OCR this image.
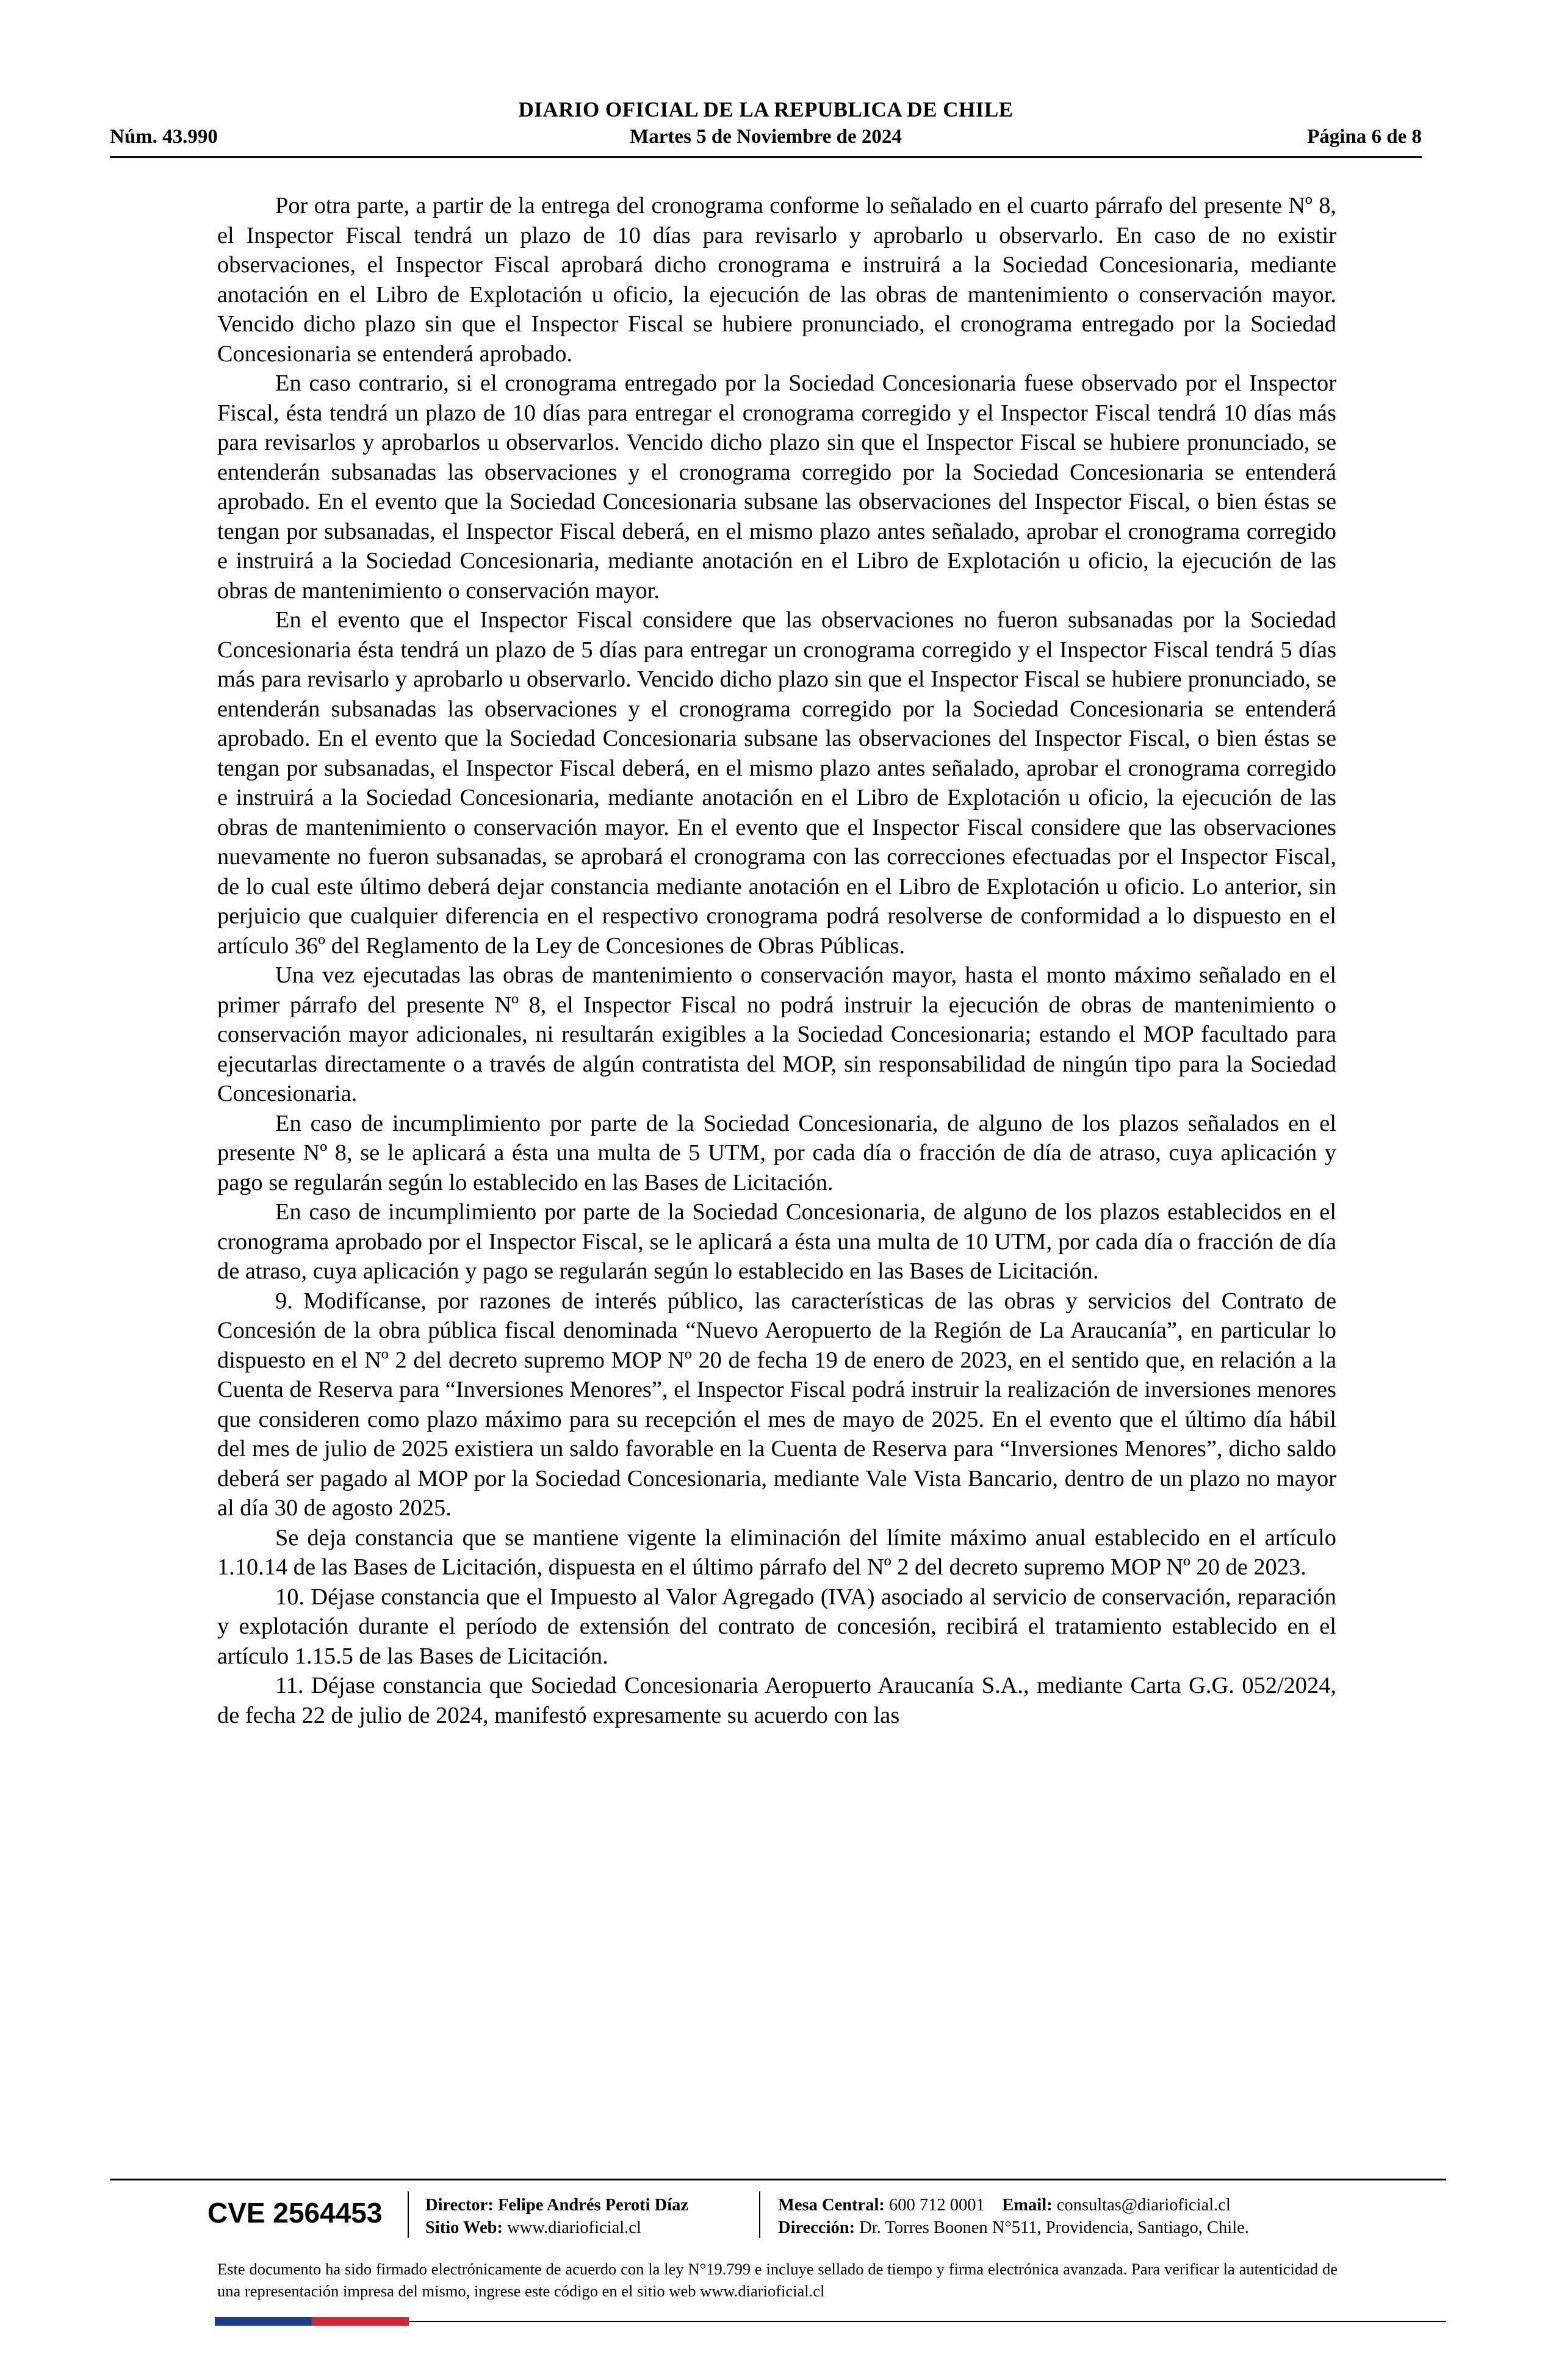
Núm. 43.990
DIARIO OFICIAL DE LA REPUBLICA DE CHILE
Martes 5 de Noviembre de 2024	Página 6 de 8

Por otra parte, a partir de la entrega del cronograma conforme lo señalado en el cuarto párrafo del presente Nº 8, el Inspector Fiscal tendrá un plazo de 10 días para revisarlo y aprobarlo u observarlo. En caso de no existir observaciones, el Inspector Fiscal aprobará dicho cronograma e instruirá a la Sociedad Concesionaria, mediante anotación en el Libro de Explotación u oficio, la ejecución de las obras de mantenimiento o conservación mayor. Vencido dicho plazo sin que el Inspector Fiscal se hubiere pronunciado, el cronograma entregado por la Sociedad Concesionaria se entenderá aprobado.

En caso contrario, si el cronograma entregado por la Sociedad Concesionaria fuese observado por el Inspector Fiscal, ésta tendrá un plazo de 10 días para entregar el cronograma corregido y el Inspector Fiscal tendrá 10 días más para revisarlos y aprobarlos u observarlos. Vencido dicho plazo sin que el Inspector Fiscal se hubiere pronunciado, se entenderán subsanadas las observaciones y el cronograma corregido por la Sociedad Concesionaria se entenderá aprobado. En el evento que la Sociedad Concesionaria subsane las observaciones del Inspector Fiscal, o bien éstas se tengan por subsanadas, el Inspector Fiscal deberá, en el mismo plazo antes señalado, aprobar el cronograma corregido e instruirá a la Sociedad Concesionaria, mediante anotación en el Libro de Explotación u oficio, la ejecución de las obras de mantenimiento o conservación mayor.

En el evento que el Inspector Fiscal considere que las observaciones no fueron subsanadas por la Sociedad Concesionaria ésta tendrá un plazo de 5 días para entregar un cronograma corregido y el Inspector Fiscal tendrá 5 días más para revisarlo y aprobarlo u observarlo. Vencido dicho plazo sin que el Inspector Fiscal se hubiere pronunciado, se entenderán subsanadas las observaciones y el cronograma corregido por la Sociedad Concesionaria se entenderá aprobado. En el evento que la Sociedad Concesionaria subsane las observaciones del Inspector Fiscal, o bien éstas se tengan por subsanadas, el Inspector Fiscal deberá, en el mismo plazo antes señalado, aprobar el cronograma corregido e instruirá a la Sociedad Concesionaria, mediante anotación en el Libro de Explotación u oficio, la ejecución de las obras de mantenimiento o conservación mayor. En el evento que el Inspector Fiscal considere que las observaciones nuevamente no fueron subsanadas, se aprobará el cronograma con las correcciones efectuadas por el Inspector Fiscal, de lo cual este último deberá dejar constancia mediante anotación en el Libro de Explotación u oficio. Lo anterior, sin perjuicio que cualquier diferencia en el respectivo cronograma podrá resolverse de conformidad a lo dispuesto en el artículo 36º del Reglamento de la Ley de Concesiones de Obras Públicas.

Una vez ejecutadas las obras de mantenimiento o conservación mayor, hasta el monto máximo señalado en el primer párrafo del presente Nº 8, el Inspector Fiscal no podrá instruir la ejecución de obras de mantenimiento o conservación mayor adicionales, ni resultarán exigibles a la Sociedad Concesionaria; estando el MOP facultado para ejecutarlas directamente o a través de algún contratista del MOP, sin responsabilidad de ningún tipo para la Sociedad Concesionaria.

En caso de incumplimiento por parte de la Sociedad Concesionaria, de alguno de los plazos señalados en el presente Nº 8, se le aplicará a ésta una multa de 5 UTM, por cada día o fracción de día de atraso, cuya aplicación y pago se regularán según lo establecido en las Bases de Licitación.

En caso de incumplimiento por parte de la Sociedad Concesionaria, de alguno de los plazos establecidos en el cronograma aprobado por el Inspector Fiscal, se le aplicará a ésta una multa de 10 UTM, por cada día o fracción de día de atraso, cuya aplicación y pago se regularán según lo establecido en las Bases de Licitación.

9. Modifícanse, por razones de interés público, las características de las obras y servicios del Contrato de Concesión de la obra pública fiscal denominada “Nuevo Aeropuerto de la Región de La Araucanía”, en particular lo dispuesto en el Nº 2 del decreto supremo MOP Nº 20 de fecha 19 de enero de 2023, en el sentido que, en relación a la Cuenta de Reserva para “Inversiones Menores”, el Inspector Fiscal podrá instruir la realización de inversiones menores que consideren como plazo máximo para su recepción el mes de mayo de 2025. En el evento que el último día hábil del mes de julio de 2025 existiera un saldo favorable en la Cuenta de Reserva para “Inversiones Menores”, dicho saldo deberá ser pagado al MOP por la Sociedad Concesionaria, mediante Vale Vista Bancario, dentro de un plazo no mayor al día 30 de agosto 2025.

Se deja constancia que se mantiene vigente la eliminación del límite máximo anual establecido en el artículo 1.10.14 de las Bases de Licitación, dispuesta en el último párrafo del Nº 2 del decreto supremo MOP Nº 20 de 2023.

10. Déjase constancia que el Impuesto al Valor Agregado (IVA) asociado al servicio de conservación, reparación y explotación durante el período de extensión del contrato de concesión, recibirá el tratamiento establecido en el artículo 1.15.5 de las Bases de Licitación.

11. Déjase constancia que Sociedad Concesionaria Aeropuerto Araucanía S.A., mediante Carta G.G. 052/2024, de fecha 22 de julio de 2024, manifestó expresamente su acuerdo con las

CVE 2564453 Director: Felipe Andrés Peroti Díaz
Sitio Web: www.diarioficial.cl
Mesa Central: 600 712 0001 Email: consultas@diarioficial.cl
Dirección: Dr. Torres Boonen N°511, Providencia, Santiago, Chile.
Este documento ha sido firmado electrónicamente de acuerdo con la ley N°19.799 e incluye sellado de tiempo y firma electrónica avanzada. Para verificar la autenticidad de una representación impresa del mismo, ingrese este código en el sitio web www.diarioficial.cl
